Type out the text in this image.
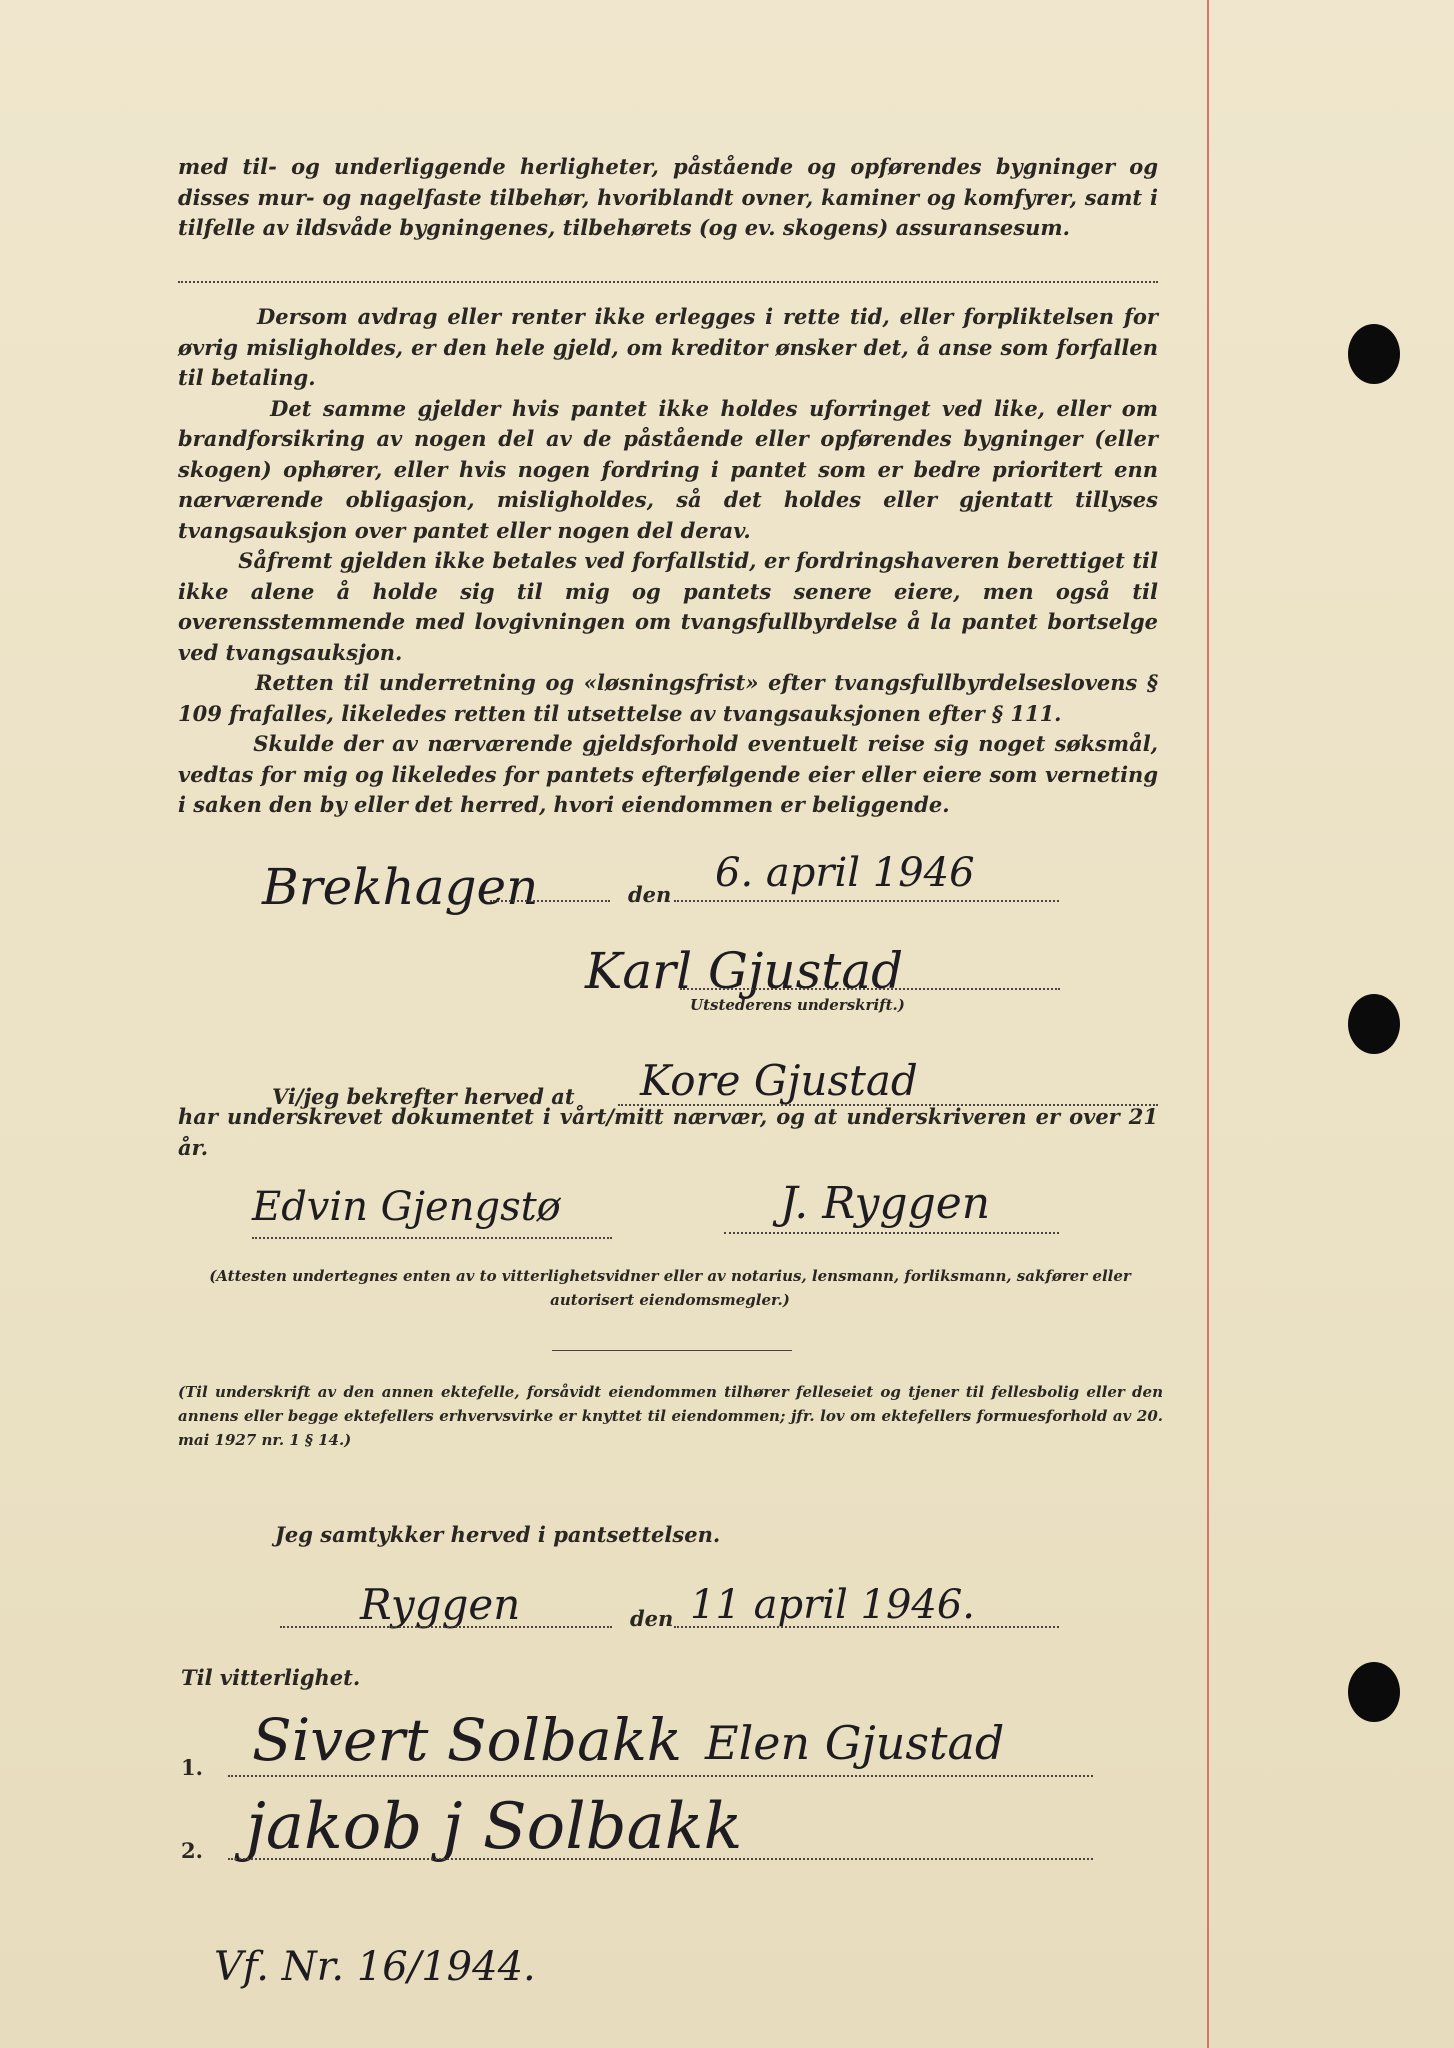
med til- og underliggende herligheter, påstående og opførendes bygninger og disses mur- og nagelfaste tilbehør, hvoriblandt ovner, kaminer og komfyrer, samt i tilfelle av ildsvåde bygningenes, tilbehørets (og ev. skogens) assuransesum.
Dersom avdrag eller renter ikke erlegges i rette tid, eller forpliktelsen for øvrig misligholdes, er den hele gjeld, om kreditor ønsker det, å anse som forfallen til betaling.
Det samme gjelder hvis pantet ikke holdes uforringet ved like, eller om brandforsikring av nogen del av de påstående eller opførendes bygninger (eller skogen) ophører, eller hvis nogen fordring i pantet som er bedre prioritert enn nærværende obligasjon, misligholdes, så det holdes eller gjentatt tillyses tvangsauksjon over pantet eller nogen del derav.
Såfremt gjelden ikke betales ved forfallstid, er fordringshaveren berettiget til ikke alene å holde sig til mig og pantets senere eiere, men også til overensstemmende med lovgivningen om tvangsfullbyrdelse å la pantet bortselge ved tvangsauksjon.
Retten til underretning og «løsningsfrist» efter tvangsfullbyrdelseslovens § 109 frafalles, likeledes retten til utsettelse av tvangsauksjonen efter § 111.
Skulde der av nærværende gjeldsforhold eventuelt reise sig noget søksmål, vedtas for mig og likeledes for pantets efterfølgende eier eller eiere som verneting i saken den by eller det herred, hvori eiendommen er beliggende.
Brekhagen	den 6. april 1946
Karl Gjustad
Utstederens underskrift.)
Vi/jeg bekrefter herved at Kore Gjustad
har underskrevet dokumentet i vårt/mitt nærvær, og at underskriveren er over 21 år.
Edvin Gjengstø	J. Ryggen
(Attesten undertegnes enten av to vitterlighetsvidner eller av notarius, lensmann, forliksmann, sakfører eller autorisert eiendomsmegler.)
(Til underskrift av den annen ektefelle, forsåvidt eiendommen tilhører felleseiet og tjener til fellesbolig eller den annens eller begge ektefellers erhvervsvirke er knyttet til eiendommen; jfr. lov om ektefellers formuesforhold av 20. mai 1927 nr. 1 § 14.)
Jeg samtykker herved i pantsettelsen.
Ryggen	den 11 april 1946.
Til vitterlighet.
1. Sivert Solbakk Elen Gjustad
2. jakob j Solbakk
Vf. Nr. 16/1944.
